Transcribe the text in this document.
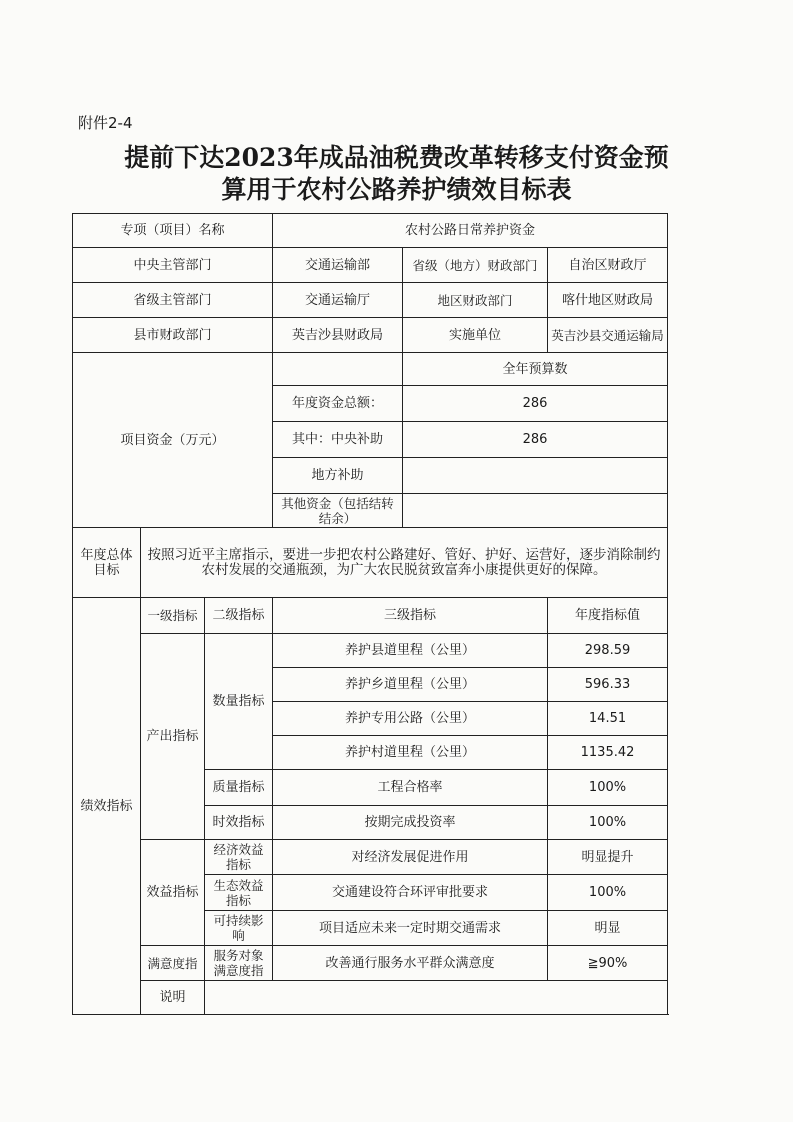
附件2-4
提前下达2023年成品油税费改革转移支付资金预
算用于农村公路养护绩效目标表
专项（项目）名称			农村公路日常养护资金		
中央主管部门			交通运输部	省级（地方）财政部门	自治区财政厅
省级主管部门			交通运输厅	地区财政部门	喀什地区财政局
县市财政部门			英吉沙县财政局	实施单位	英吉沙县交通运输局
项目资金（万元）				全年预算数	
			年度资金总额：	286	
			其中：中央补助	286	
			地方补助		
			其他资金（包括结转结余）		
年度总体目标	按照习近平主席指示，要进一步把农村公路建好、管好、护好、运营好，逐步消除制约农村发展的交通瓶颈，为广大农民脱贫致富奔小康提供更好的保障。				
绩效指标	一级指标	二级指标	三级指标		年度指标值
	产出指标	数量指标	养护县道里程（公里）		298.59
			养护乡道里程（公里）		596.33
			养护专用公路（公里）		14.51
			养护村道里程（公里）		1135.42
		质量指标	工程合格率		100%
		时效指标	按期完成投资率		100%
	效益指标	经济效益指标	对经济发展促进作用		明显提升
		生态效益指标	交通建设符合环评审批要求		100%
		可持续影响	项目适应未来一定时期交通需求		明显
	满意度指	服务对象满意度指	改善通行服务水平群众满意度		≧90%
	说明				
